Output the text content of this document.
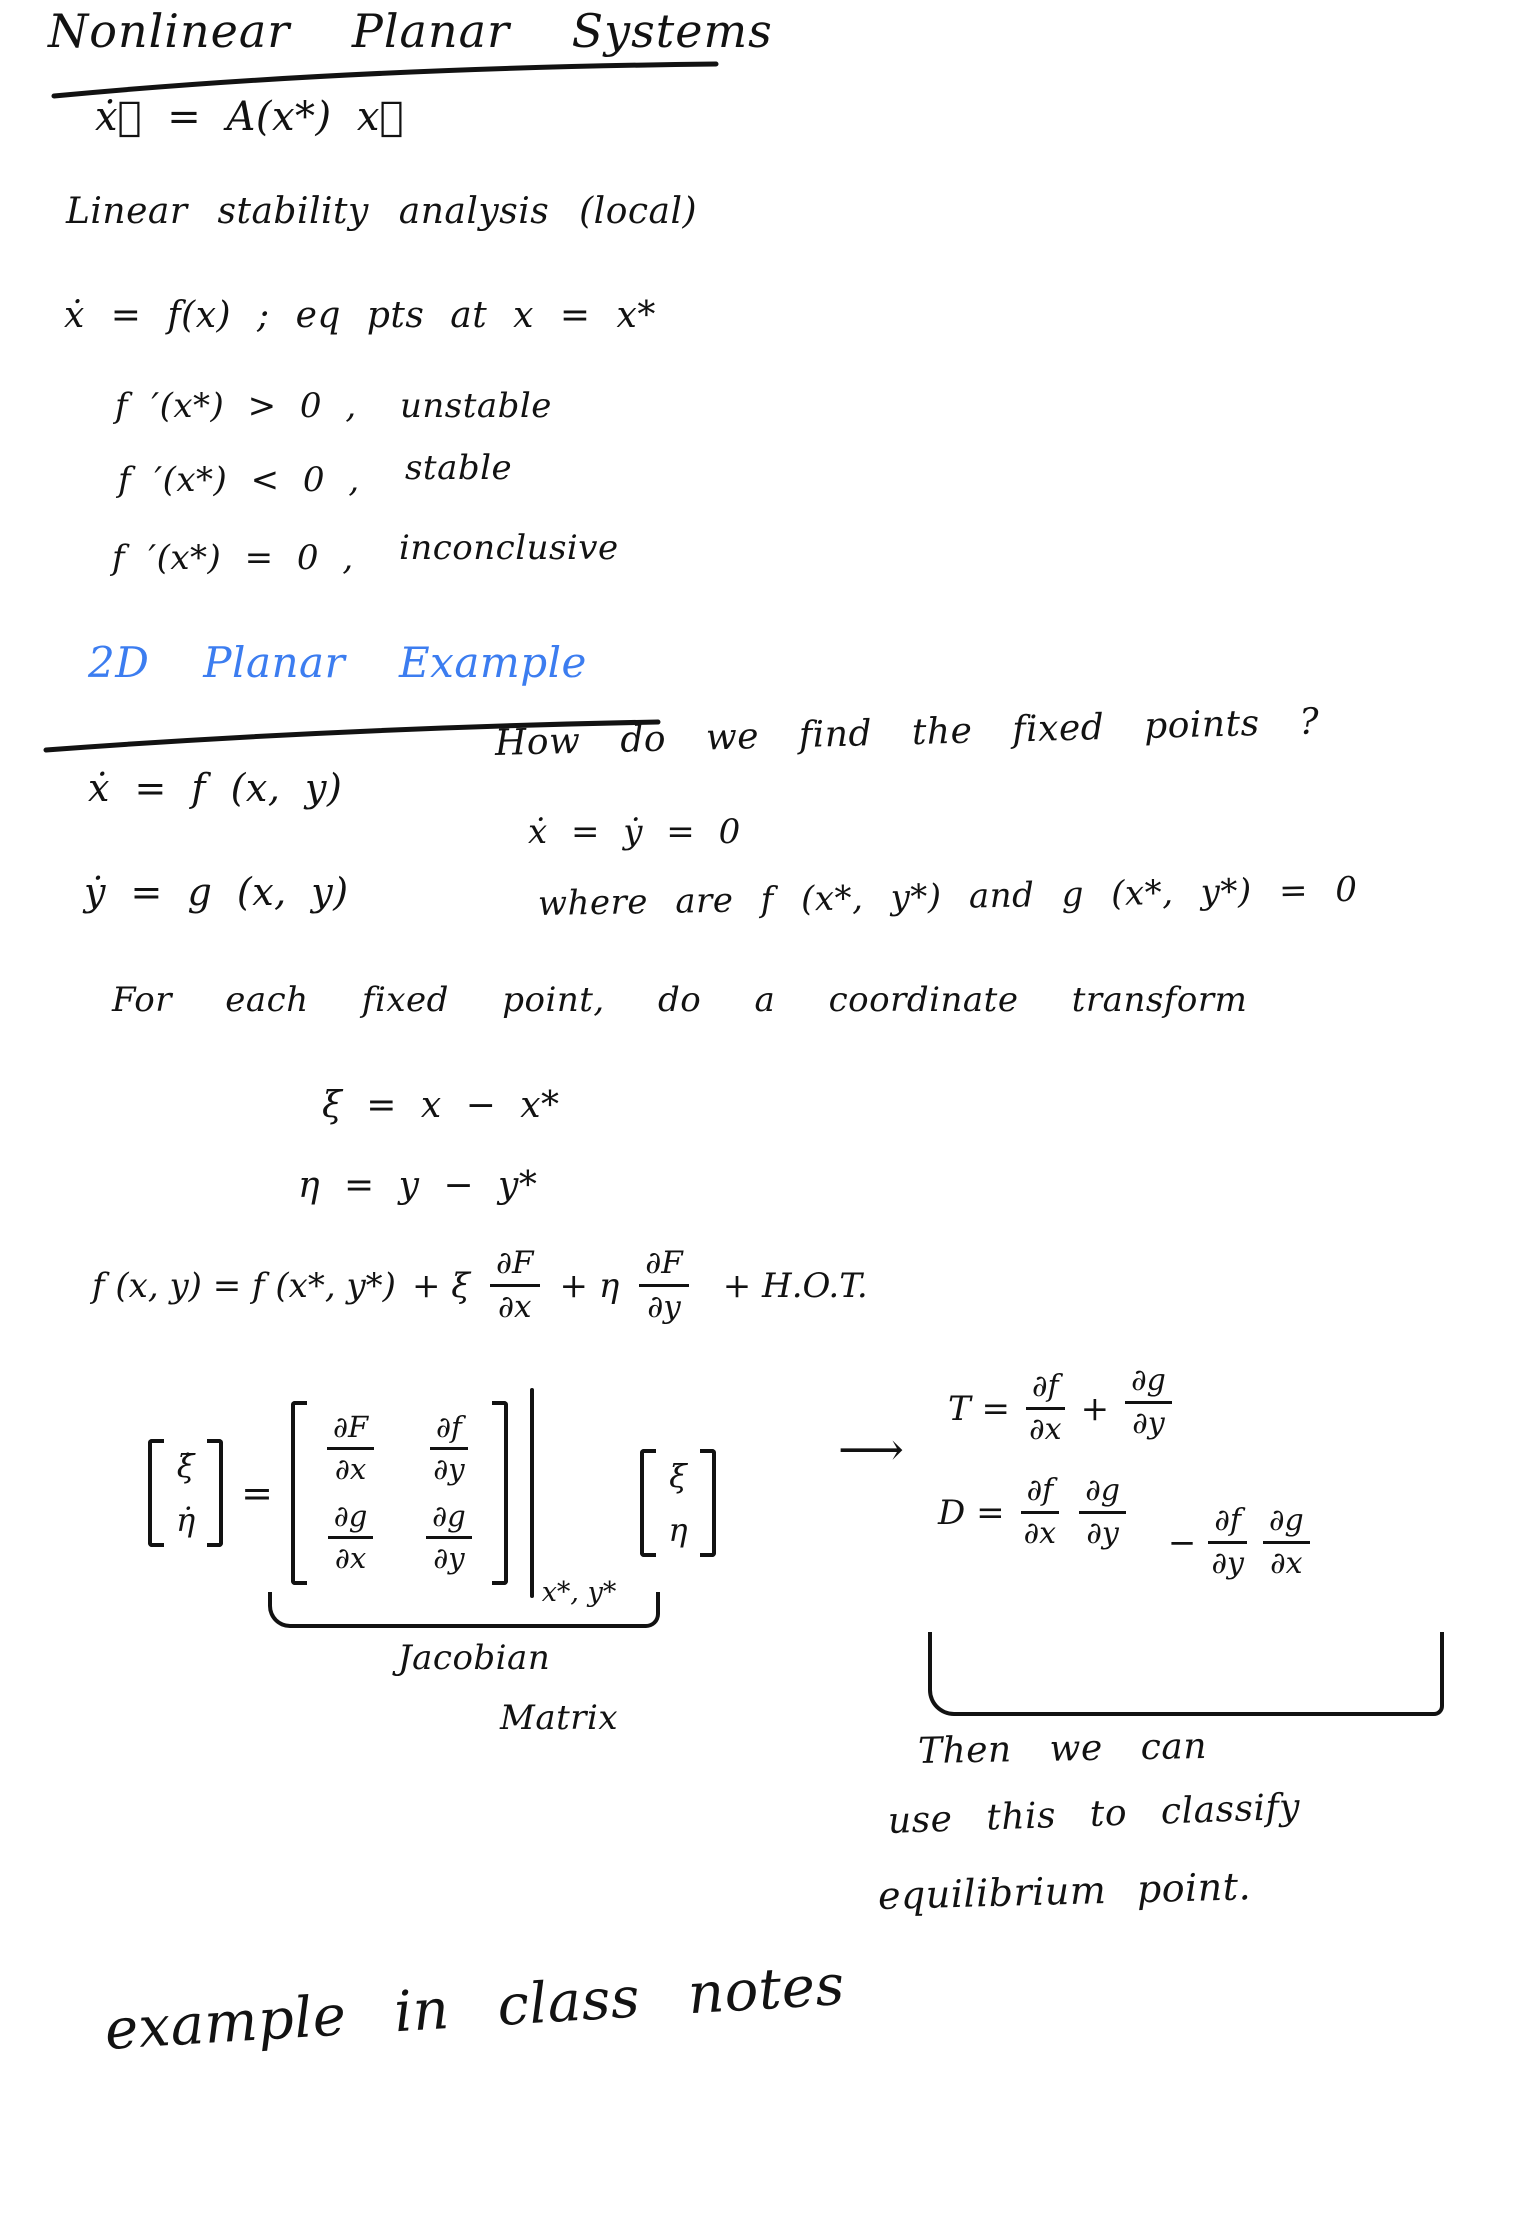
Nonlinear Planar Systems
ẋ⃗ = A(x*) x⃗
Linear stability analysis (local)
ẋ = f(x) ; eq pts at x = x*
f ′(x*) > 0 , unstable
f ′(x*) < 0 , stable
f ′(x*) = 0 , inconclusive
2D Planar Example
ẋ = f (x, y)
ẏ = g (x, y)
How do we find the fixed points ?
ẋ = ẏ = 0
where are f (x*, y*) and g (x*, y*) = 0
For each fixed point, do a coordinate transform
ξ = x − x*
η = y − y*
f (x, y) = f (x*, y*) + ξ $\frac{\partial F}{\partial x} + \eta \frac{\partial F}{\partial y} + H.O.T$.
ξ̇
η̇
=
$\frac{\partial F}{\partial x} \frac{\partial f}{\partial y}$
$\frac{\partial g}{\partial x} \frac{\partial g}{\partial y}$
x*, y*
ξ
η
⟶
$T = \frac{\partial f}{\partial x} + \frac{\partial g}{\partial y}$
$D = \frac{\partial f}{\partial x} \frac{\partial g}{\partial y} - \frac{\partial f}{\partial y} \frac{\partial g}{\partial x}$
Jacobian
Matrix
Then we can
use this to classify
equilibrium point.
example in class notes
